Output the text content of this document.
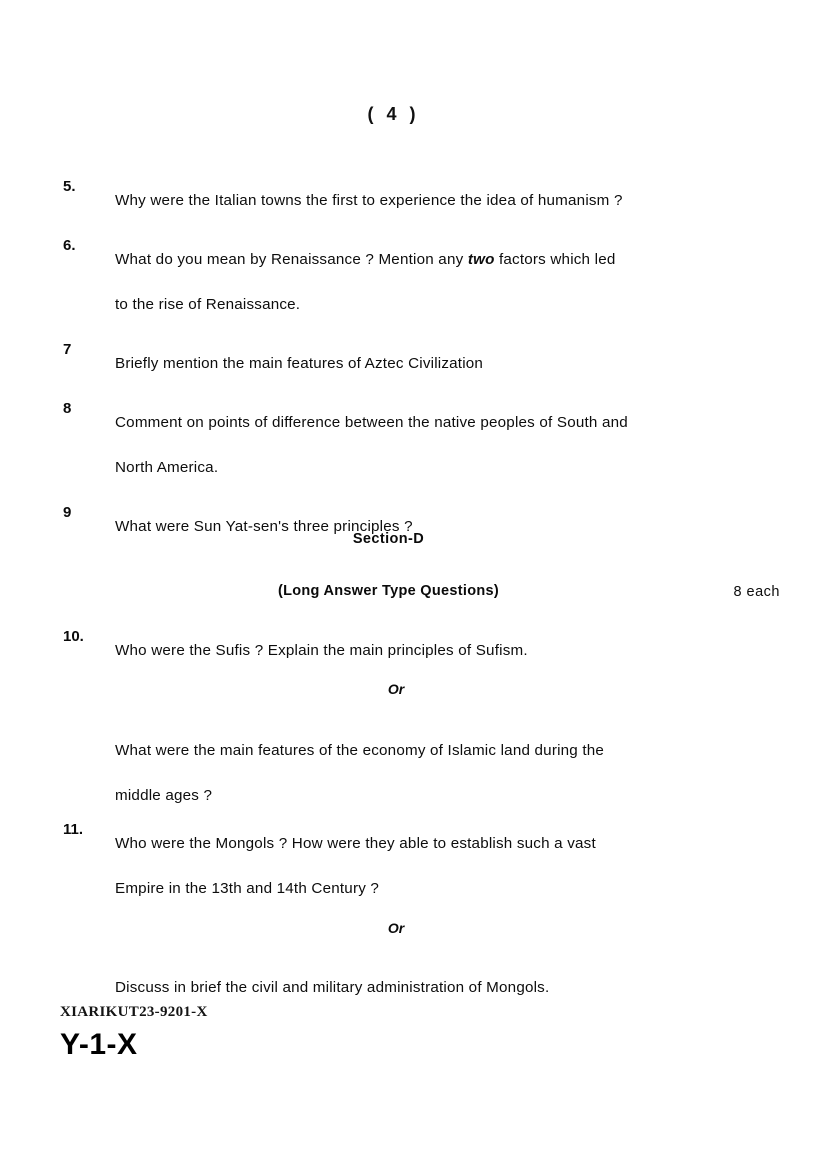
( 4 )
5.
Why were the Italian towns the first to experience the idea of humanism ?
6.
What do you mean by Renaissance ? Mention any two factors which led
to the rise of Renaissance.
7
Briefly mention the main features of Aztec Civilization
8
Comment on points of difference between the native peoples of South and
North America.
9
What were Sun Yat-sen's three principles ?
Section-D
(Long Answer Type Questions)	8 each
10.
Who were the Sufis ? Explain the main principles of Sufism.
Or
What were the main features of the economy of Islamic land during the
middle ages ?
11.
Who were the Mongols ? How were they able to establish such a vast
Empire in the 13th and 14th Century ?
Or
Discuss in brief the civil and military administration of Mongols.
XIARIKUT23-9201-X
Y-1-X
